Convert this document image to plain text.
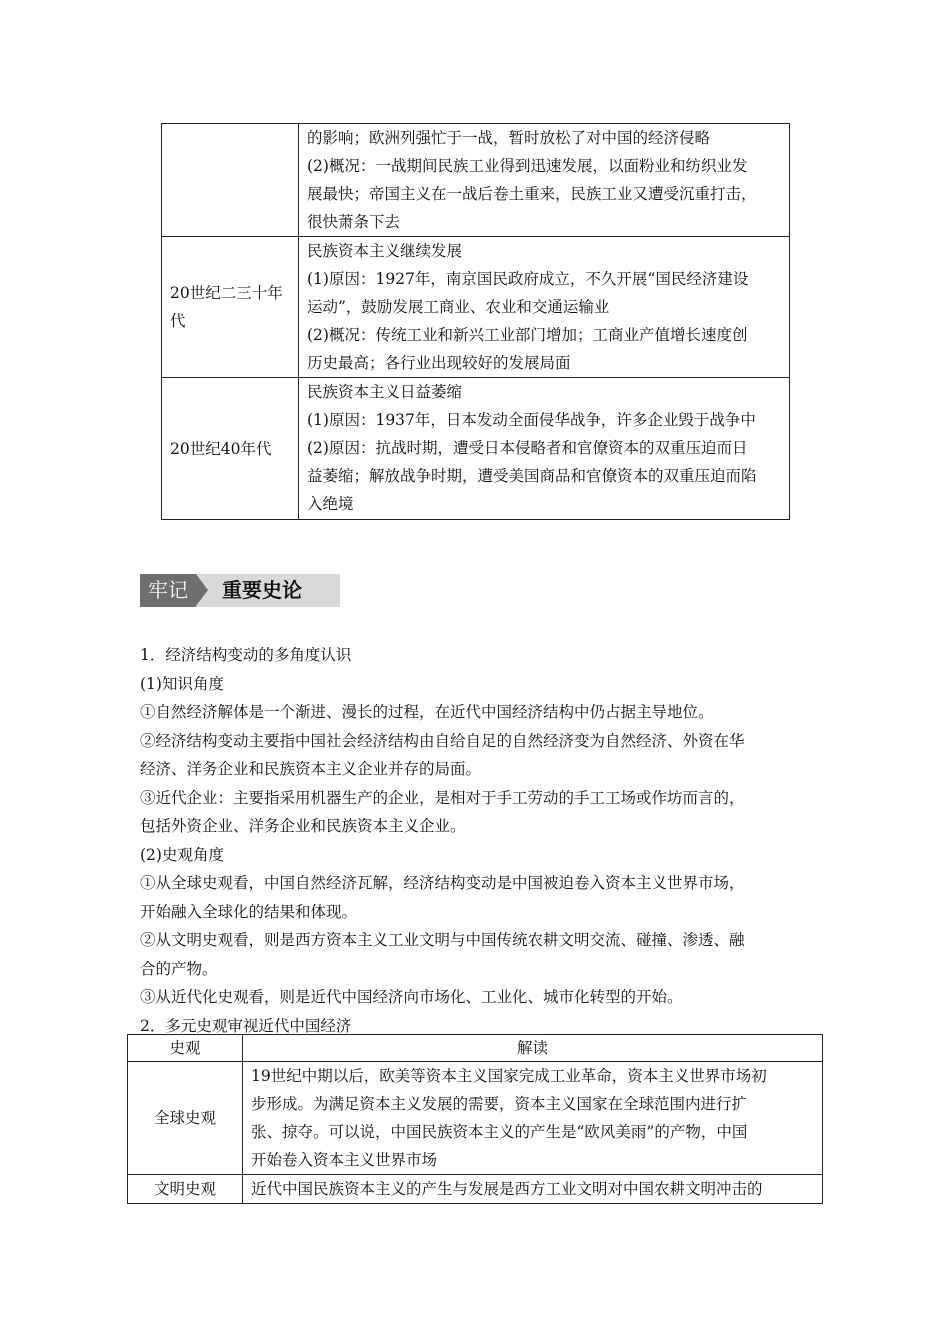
	的影响；欧洲列强忙于一战，暂时放松了对中国的经济侵略
(2)概况：一战期间民族工业得到迅速发展，以面粉业和纺织业发
展最快；帝国主义在一战后卷土重来，民族工业又遭受沉重打击，
很快萧条下去

20世纪二三十年代	民族资本主义继续发展
(1)原因：1927年，南京国民政府成立，不久开展“国民经济建设
运动”，鼓励发展工商业、农业和交通运输业
(2)概况：传统工业和新兴工业部门增加；工商业产值增长速度创
历史最高；各行业出现较好的发展局面

20世纪40年代	民族资本主义日益萎缩
(1)原因：1937年，日本发动全面侵华战争，许多企业毁于战争中
(2)原因：抗战时期，遭受日本侵略者和官僚资本的双重压迫而日
益萎缩；解放战争时期，遭受美国商品和官僚资本的双重压迫而陷
入绝境
牢记	重要史论

1．经济结构变动的多角度认识

(1)知识角度

①自然经济解体是一个渐进、漫长的过程，在近代中国经济结构中仍占据主导地位。

②经济结构变动主要指中国社会经济结构由自给自足的自然经济变为自然经济、外资在华

经济、洋务企业和民族资本主义企业并存的局面。

③近代企业：主要指采用机器生产的企业，是相对于手工劳动的手工工场或作坊而言的，

包括外资企业、洋务企业和民族资本主义企业。

(2)史观角度

①从全球史观看，中国自然经济瓦解，经济结构变动是中国被迫卷入资本主义世界市场，

开始融入全球化的结果和体现。

②从文明史观看，则是西方资本主义工业文明与中国传统农耕文明交流、碰撞、渗透、融

合的产物。

③从近代化史观看，则是近代中国经济向市场化、工业化、城市化转型的开始。

2．多元史观审视近代中国经济

史观	解读
全球史观	19世纪中期以后，欧美等资本主义国家完成工业革命，资本主义世界市场初
步形成。为满足资本主义发展的需要，资本主义国家在全球范围内进行扩
张、掠夺。可以说，中国民族资本主义的产生是“欧风美雨”的产物，中国
开始卷入资本主义世界市场

文明史观	近代中国民族资本主义的产生与发展是西方工业文明对中国农耕文明冲击的
